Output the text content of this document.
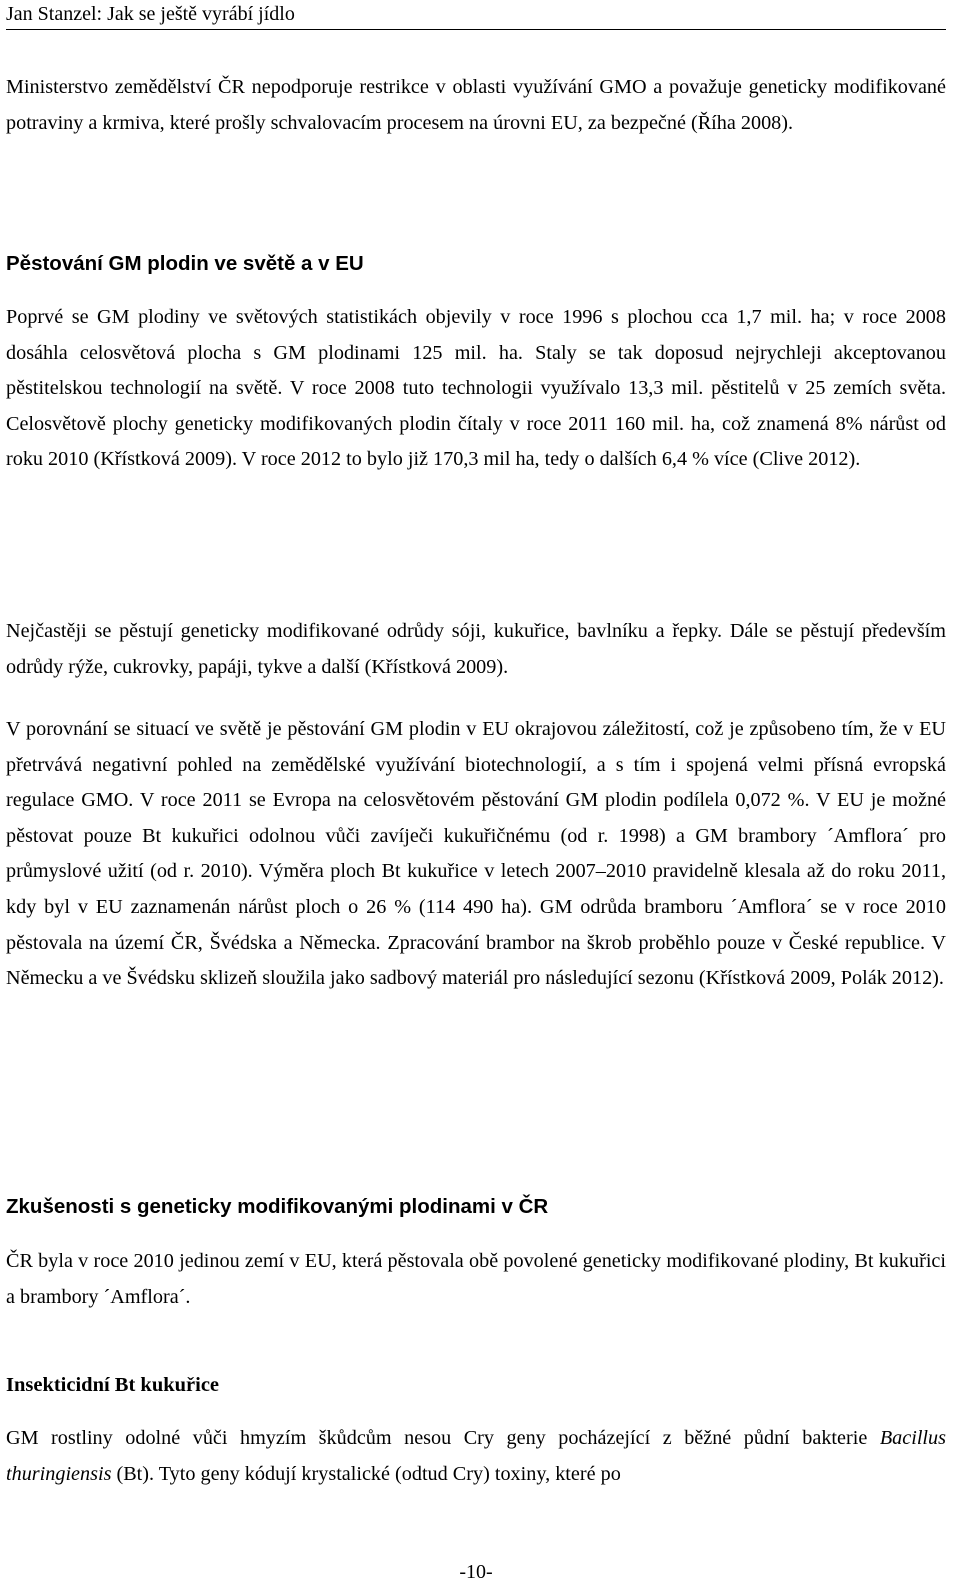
Jan Stanzel: Jak se ještě vyrábí jídlo

Ministerstvo zemědělství ČR nepodporuje restrikce v oblasti využívání GMO a považuje geneticky modifikované potraviny a krmiva, které prošly schvalovacím procesem na úrovni EU, za bezpečné (Říha 2008).

Pěstování GM plodin ve světě a v EU

Poprvé se GM plodiny ve světových statistikách objevily v roce 1996 s plochou cca 1,7 mil. ha; v roce 2008 dosáhla celosvětová plocha s GM plodinami 125 mil. ha. Staly se tak doposud nejrychleji akceptovanou pěstitelskou technologií na světě. V roce 2008 tuto technologii využívalo 13,3 mil. pěstitelů v 25 zemích světa. Celosvětově plochy geneticky modifikovaných plodin čítaly v roce 2011 160 mil. ha, což znamená 8% nárůst od roku 2010 (Křístková 2009). V roce 2012 to bylo již 170,3 mil ha, tedy o dalších 6,4 % více (Clive 2012).

Nejčastěji se pěstují geneticky modifikované odrůdy sóji, kukuřice, bavlníku a řepky. Dále se pěstují především odrůdy rýže, cukrovky, papáji, tykve a další (Křístková 2009).

V porovnání se situací ve světě je pěstování GM plodin v EU okrajovou záležitostí, což je způsobeno tím, že v EU přetrvává negativní pohled na zemědělské využívání biotechnologií, a s tím i spojená velmi přísná evropská regulace GMO. V roce 2011 se Evropa na celosvětovém pěstování GM plodin podílela 0,072 %. V EU je možné pěstovat pouze Bt kukuřici odolnou vůči zavíječi kukuřičnému (od r. 1998) a GM brambory ´Amflora´ pro průmyslové užití (od r. 2010). Výměra ploch Bt kukuřice v letech 2007–2010 pravidelně klesala až do roku 2011, kdy byl v EU zaznamenán nárůst ploch o 26 % (114 490 ha). GM odrůda bramboru ´Amflora´ se v roce 2010 pěstovala na území ČR, Švédska a Německa. Zpracování brambor na škrob proběhlo pouze v České republice. V Německu a ve Švédsku sklizeň sloužila jako sadbový materiál pro následující sezonu (Křístková 2009, Polák 2012).

Zkušenosti s geneticky modifikovanými plodinami v ČR

ČR byla v roce 2010 jedinou zemí v EU, která pěstovala obě povolené geneticky modifikované plodiny, Bt kukuřici a brambory ´Amflora´.

Insekticidní Bt kukuřice

GM rostliny odolné vůči hmyzím škůdcům nesou Cry geny pocházející z běžné půdní bakterie Bacillus thuringiensis (Bt). Tyto geny kódují krystalické (odtud Cry) toxiny, které po

-10-
